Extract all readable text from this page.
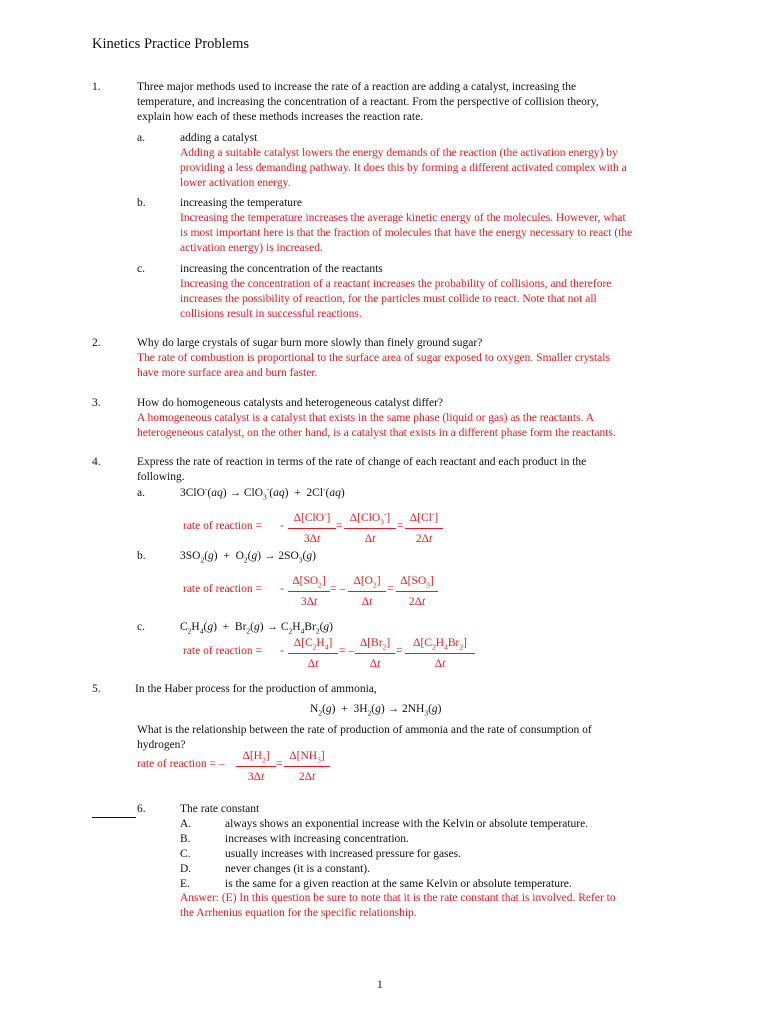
Kinetics Practice Problems
1.	Three major methods used to increase the rate of a reaction are adding a catalyst, increasing the
temperature, and increasing the concentration of a reactant. From the perspective of collision theory,
explain how each of these methods increases the reaction rate.
a.	adding a catalyst
Adding a suitable catalyst lowers the energy demands of the reaction (the activation energy) by
providing a less demanding pathway. It does this by forming a different activated complex with a
lower activation energy.
b.	increasing the temperature
Increasing the temperature increases the average kinetic energy of the molecules. However, what
is most important here is that the fraction of molecules that have the energy necessary to react (the
activation energy) is increased.
c.	increasing the concentration of the reactants
Increasing the concentration of a reactant increases the probability of collisions, and therefore
increases the possibility of reaction, for the particles must collide to react. Note that not all
collisions result in successful reactions.
2.	Why do large crystals of sugar burn more slowly than finely ground sugar?
The rate of combustion is proportional to the surface area of sugar exposed to oxygen. Smaller crystals
have more surface area and burn faster.
3.	How do homogeneous catalysts and heterogeneous catalyst differ?
A homogeneous catalyst is a catalyst that exists in the same phase (liquid or gas) as the reactants. A
heterogeneous catalyst, on the other hand, is a catalyst that exists in a different phase form the reactants.
4.	Express the rate of reaction in terms of the rate of change of each reactant and each product in the
following.
a.	3ClO-(aq) → ClO$_3$-(aq)  +  2Cl-(aq)
rate of reaction = -
Δ[ClO-]
3Δt
=
Δ[ClO$_3$-]
Δt
=
Δ[Cl-]
2Δt
b.	$3SO_2(g) + O_2(g) \to 2SO_3(g)$
rate of reaction = -
$\Delta[SO_2]$
3Δt
= –
$\Delta[O_2]$
Δt
=
$\Delta[SO_3]$
2Δt
c.	$C_2H_4(g) + Br_2(g) \to C_2H_4Br_2(g)$
rate of reaction = -
$\Delta[C_2H_4]$
Δt
= –
$\Delta[Br_2]$
Δt
=
$\Delta[C_2H_4Br_2]$
Δt
5.	In the Haber process for the production of ammonia,
$N_2(g) + 3H_2(g) \to 2NH_3(g)$
What is the relationship between the rate of production of ammonia and the rate of consumption of
hydrogen?
rate of reaction = –
$\Delta[H_2]$
3Δt
=
$\Delta[NH_3]$
2Δt

6.	The rate constant
A.	always shows an exponential increase with the Kelvin or absolute temperature.
B.	increases with increasing concentration.
C.	usually increases with increased pressure for gases.
D.	never changes (it is a constant).
E.	is the same for a given reaction at the same Kelvin or absolute temperature.
Answer: (E) In this question be sure to note that it is the rate constant that is involved. Refer to
the Arrhenius equation for the specific relationship.
1
